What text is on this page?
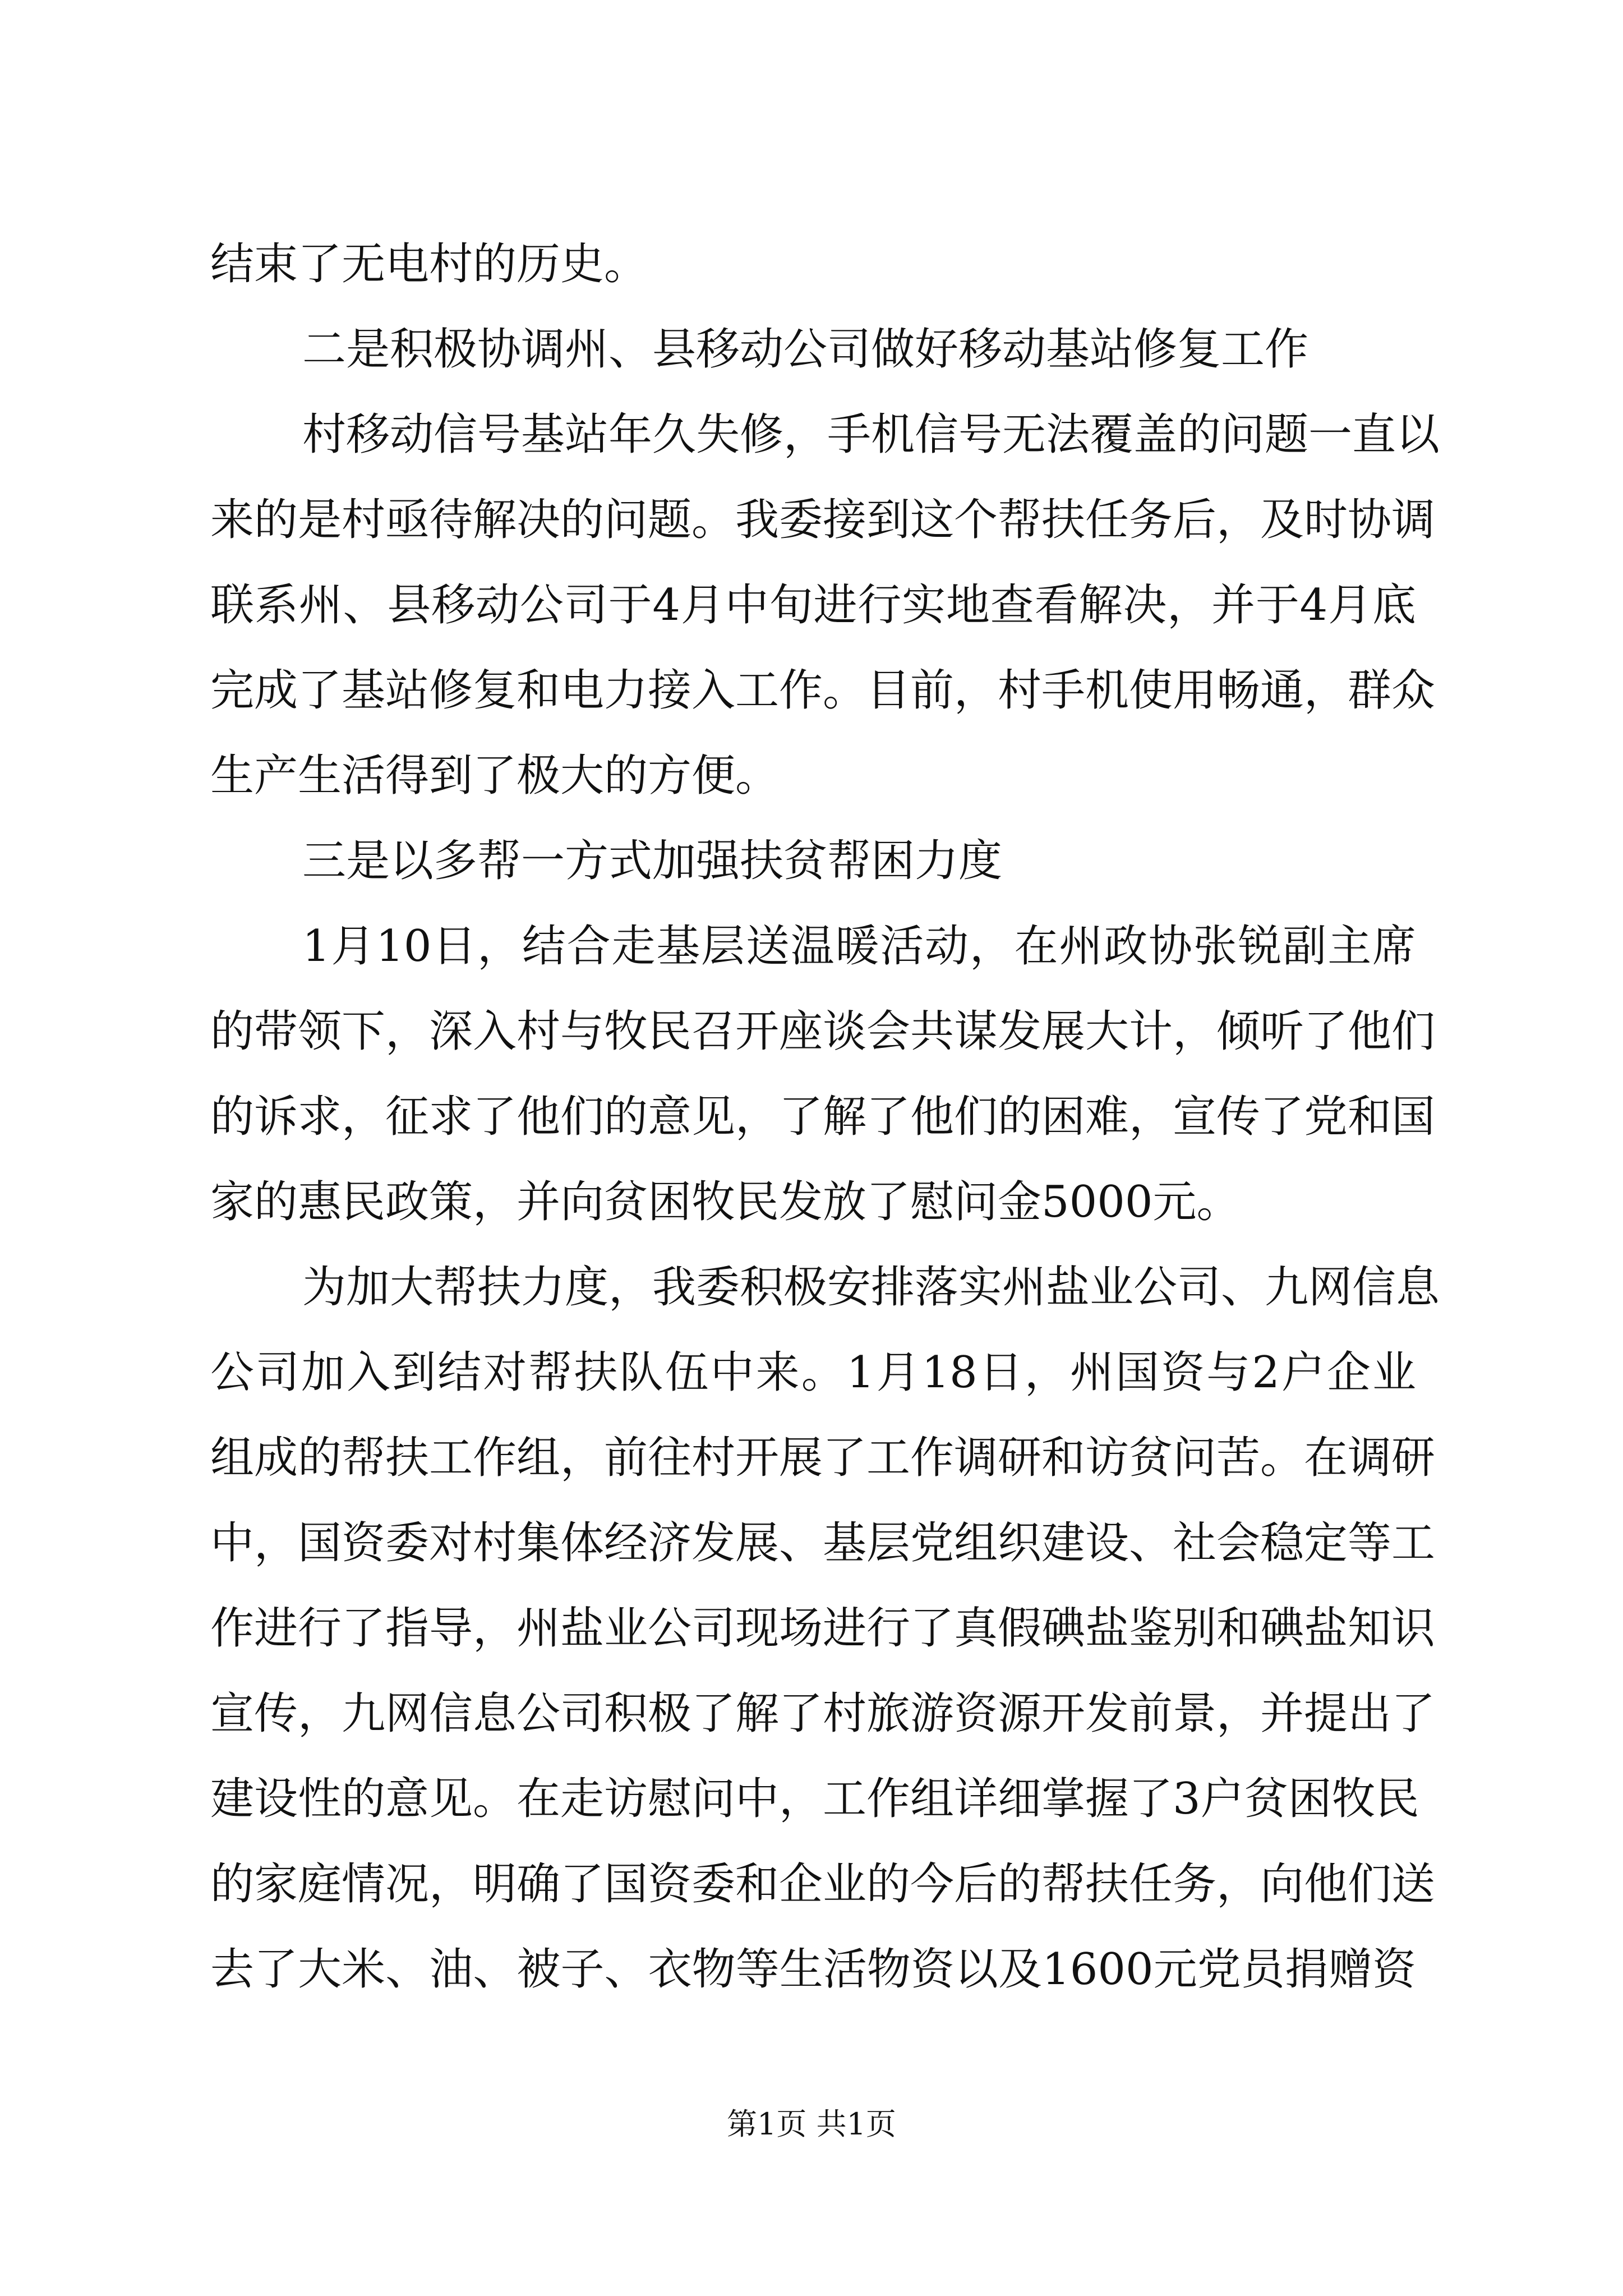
结束了无电村的历史。
二是积极协调州、县移动公司做好移动基站修复工作
村移动信号基站年久失修，手机信号无法覆盖的问题一直以
来的是村亟待解决的问题。我委接到这个帮扶任务后，及时协调
联系州、县移动公司于4月中旬进行实地查看解决，并于4月底
完成了基站修复和电力接入工作。目前，村手机使用畅通，群众
生产生活得到了极大的方便。
三是以多帮一方式加强扶贫帮困力度
1月10日，结合走基层送温暖活动，在州政协张锐副主席
的带领下，深入村与牧民召开座谈会共谋发展大计，倾听了他们
的诉求，征求了他们的意见，了解了他们的困难，宣传了党和国
家的惠民政策，并向贫困牧民发放了慰问金5000元。
为加大帮扶力度，我委积极安排落实州盐业公司、九网信息
公司加入到结对帮扶队伍中来。1月18日，州国资与2户企业
组成的帮扶工作组，前往村开展了工作调研和访贫问苦。在调研
中，国资委对村集体经济发展、基层党组织建设、社会稳定等工
作进行了指导，州盐业公司现场进行了真假碘盐鉴别和碘盐知识
宣传，九网信息公司积极了解了村旅游资源开发前景，并提出了
建设性的意见。在走访慰问中，工作组详细掌握了3户贫困牧民
的家庭情况，明确了国资委和企业的今后的帮扶任务，向他们送
去了大米、油、被子、衣物等生活物资以及1600元党员捐赠资
第1页 共1页
